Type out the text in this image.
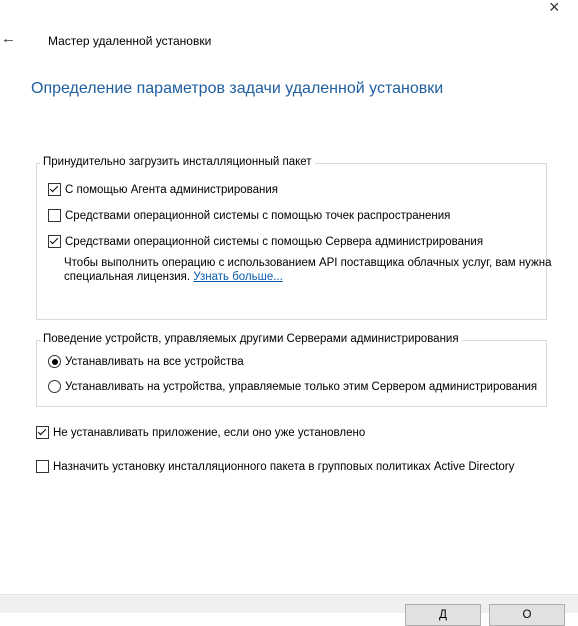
×
←	Мастер удаленной установки
Определение параметров задачи удаленной установки
Принудительно загрузить инсталляционный пакет
С помощью Агента администрирования
Средствами операционной системы с помощью точек распространения
Средствами операционной системы с помощью Сервера администрирования
Чтобы выполнить операцию с использованием API поставщика облачных услуг, вам нужна
специальная лицензия. Узнать больше...
Поведение устройств, управляемых другими Серверами администрирования
Устанавливать на все устройства
Устанавливать на устройства, управляемые только этим Сервером администрирования
Не устанавливать приложение, если оно уже установлено
Назначить установку инсталляционного пакета в групповых политиках Active Directory
Д	О
